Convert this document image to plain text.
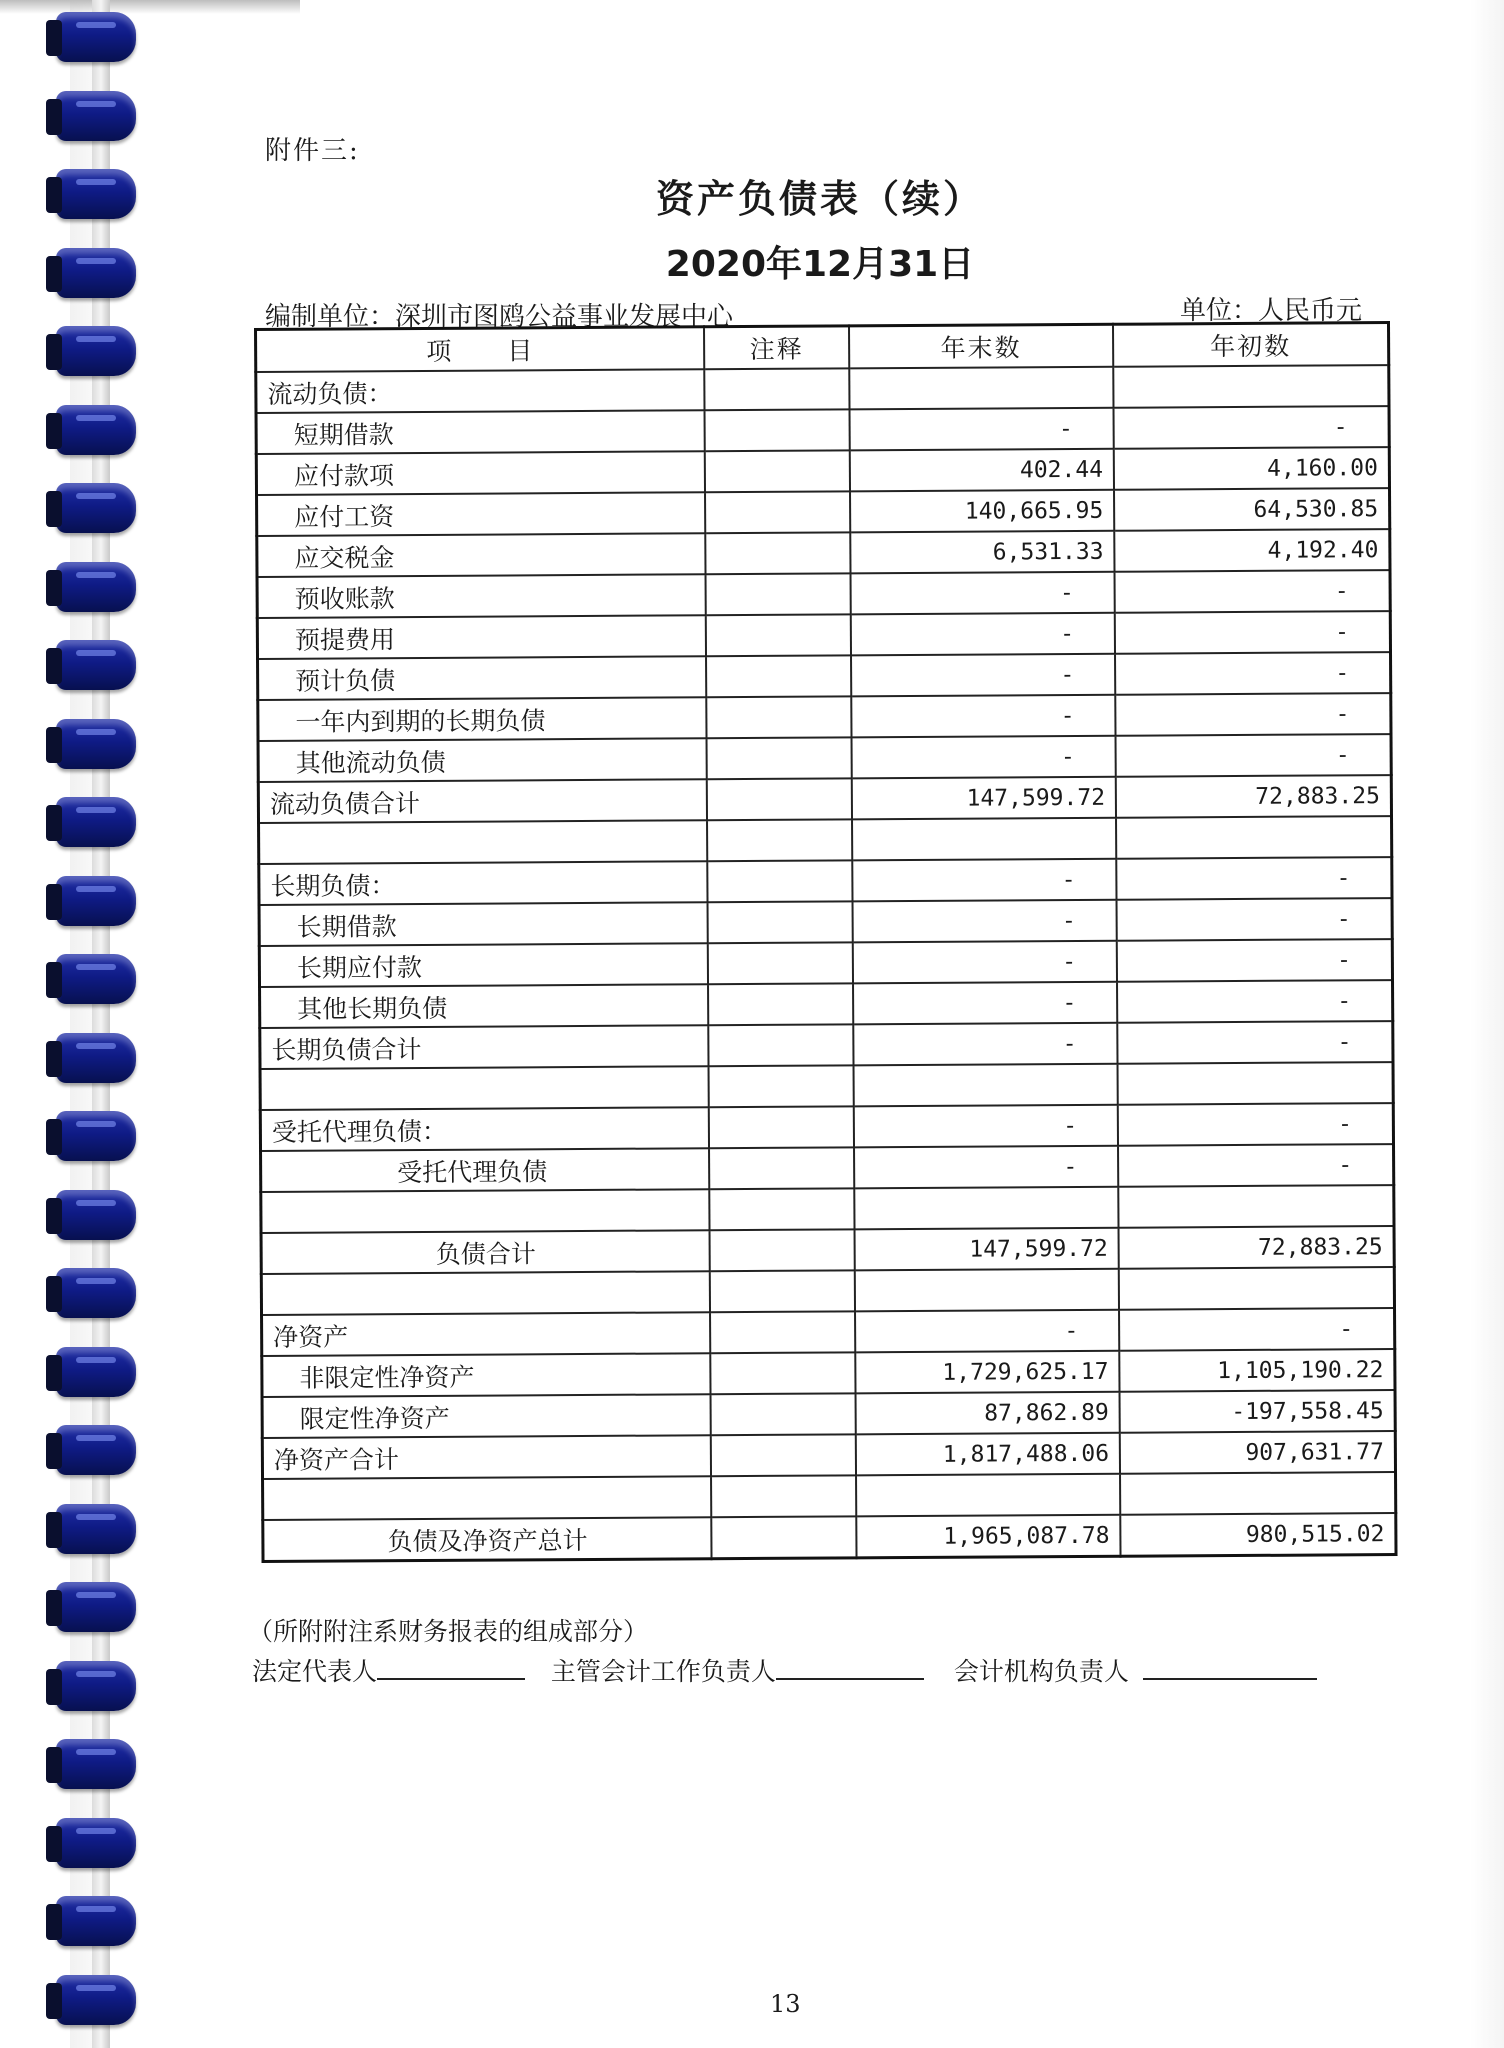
附件三:
资产负债表（续）
2020年12月31日
编制单位：深圳市图鸥公益事业发展中心	单位：人民币元
项　　目	注释	年末数	年初数
流动负债：			
短期借款		-	-
应付款项		402.44	4,160.00
应付工资		140,665.95	64,530.85
应交税金		6,531.33	4,192.40
预收账款		-	-
预提费用		-	-
预计负债		-	-
一年内到期的长期负债		-	-
其他流动负债		-	-
流动负债合计		147,599.72	72,883.25

长期负债：		-	-
长期借款		-	-
长期应付款		-	-
其他长期负债		-	-
长期负债合计		-	-

受托代理负债：		-	-
受托代理负债		-	-

负债合计		147,599.72	72,883.25

净资产		-	-
非限定性净资产		1,729,625.17	1,105,190.22
限定性净资产		87,862.89	-197,558.45
净资产合计		1,817,488.06	907,631.77

负债及净资产总计		1,965,087.78	980,515.02
（所附附注系财务报表的组成部分）
法定代表人	主管会计工作负责人	会计机构负责人
13
